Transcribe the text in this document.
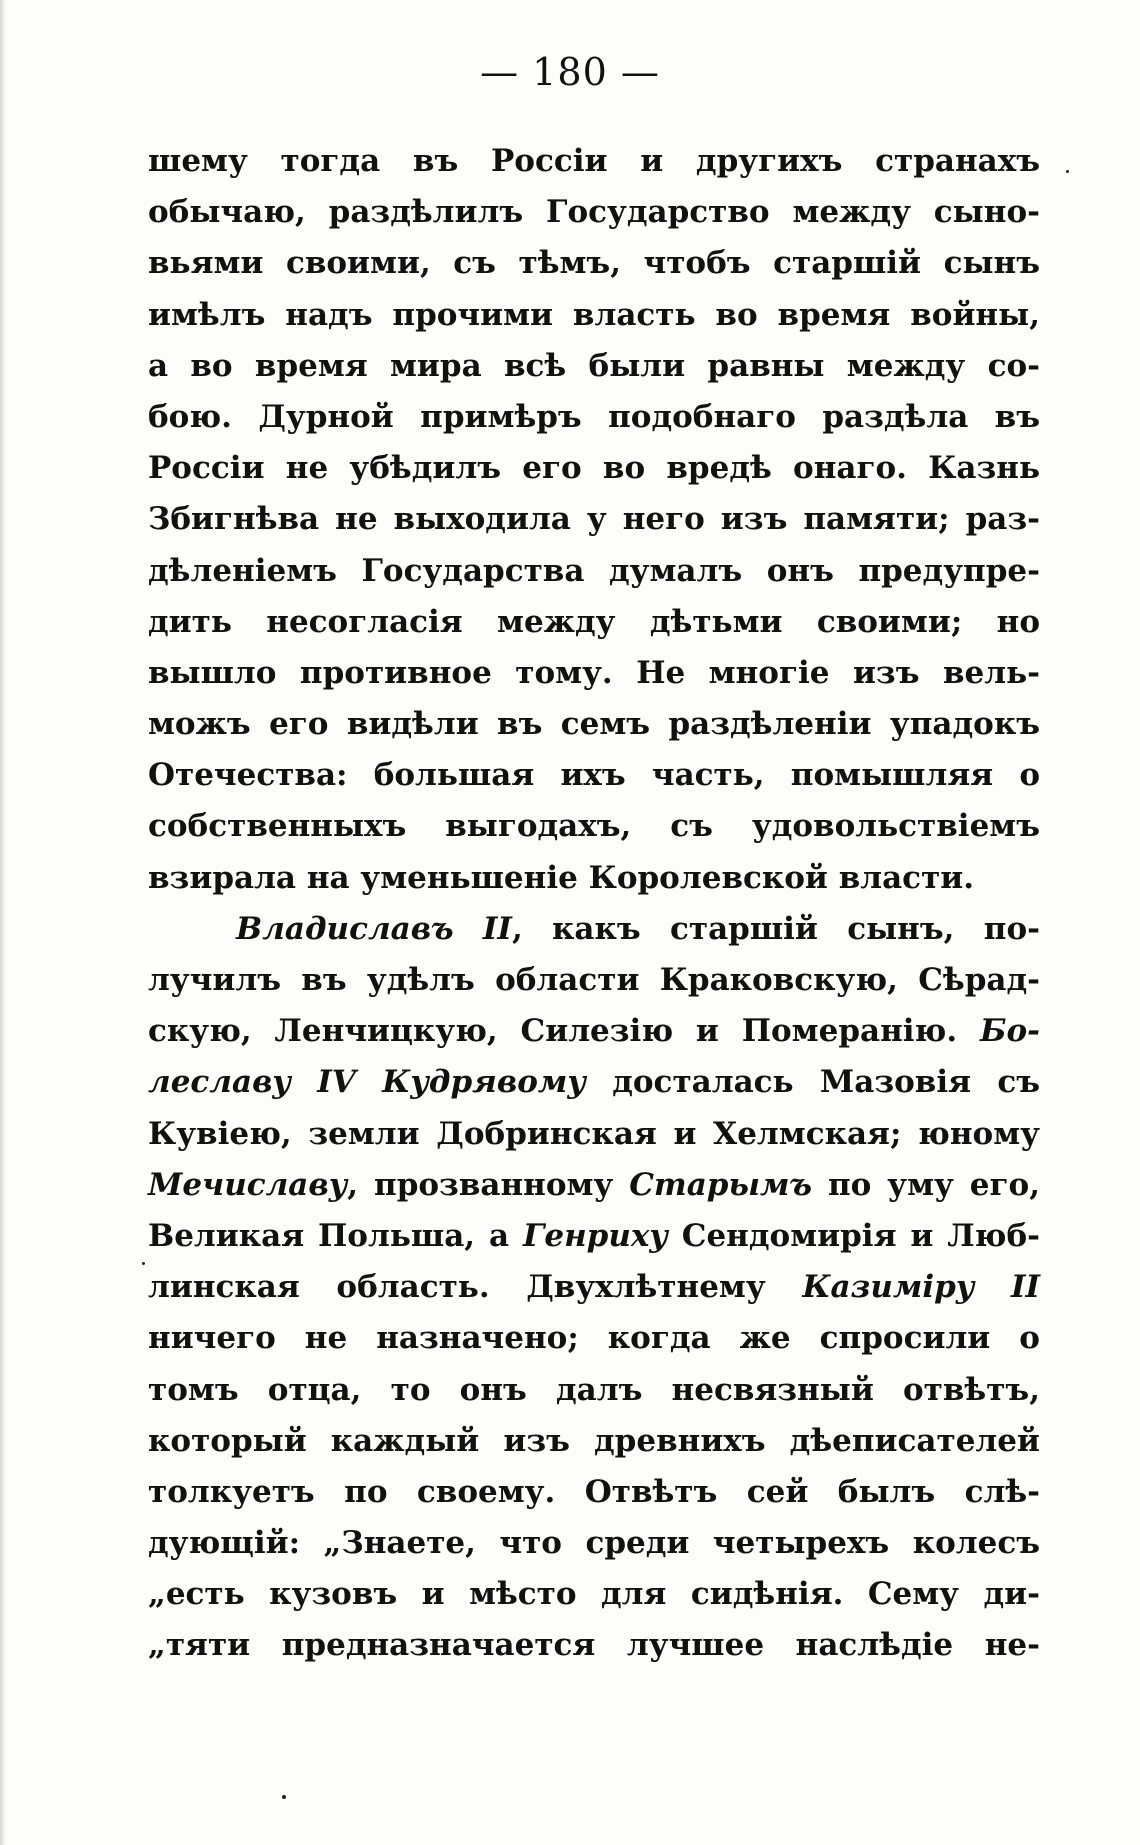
— 180 —
шему тогда въ Россіи и другихъ странахъ
обычаю, раздѣлилъ Государство между сыно-
вьями своими, съ тѣмъ, чтобъ старшій сынъ
имѣлъ надъ прочими власть во время войны,
а во время мира всѣ были равны между со-
бою. Дурной примѣръ подобнаго раздѣла въ
Россіи не убѣдилъ его во вредѣ онаго. Казнь
Збигнѣва не выходила у него изъ памяти; раз-
дѣленіемъ Государства думалъ онъ предупре-
дить несогласія между дѣтьми своими; но
вышло противное тому. Не многіе изъ вель-
можъ его видѣли въ семъ раздѣленіи упадокъ
Отечества: большая ихъ часть, помышляя о
собственныхъ выгодахъ, съ удовольствіемъ
взирала на уменьшеніе Королевской власти.
Владиславъ II, какъ старшій сынъ, по-
лучилъ въ удѣлъ области Краковскую, Сѣрад-
скую, Ленчицкую, Силезію и Померанію. Бо-
леславу IV Кудрявому досталась Мазовія съ
Кувіею, земли Добринская и Хелмская; юному
Мечиславу, прозванному Старымъ по уму его,
Великая Польша, а Генриху Сендомирія и Люб-
линская область. Двухлѣтнему Казиміру II
ничего не назначено; когда же спросили о
томъ отца, то онъ далъ несвязный отвѣтъ,
который каждый изъ древнихъ дѣеписателей
толкуетъ по своему. Отвѣтъ сей былъ слѣ-
дующій: „Знаете, что среди четырехъ колесъ
„есть кузовъ и мѣсто для сидѣнія. Сему ди-
„тяти предназначается лучшее наслѣдіе не-
